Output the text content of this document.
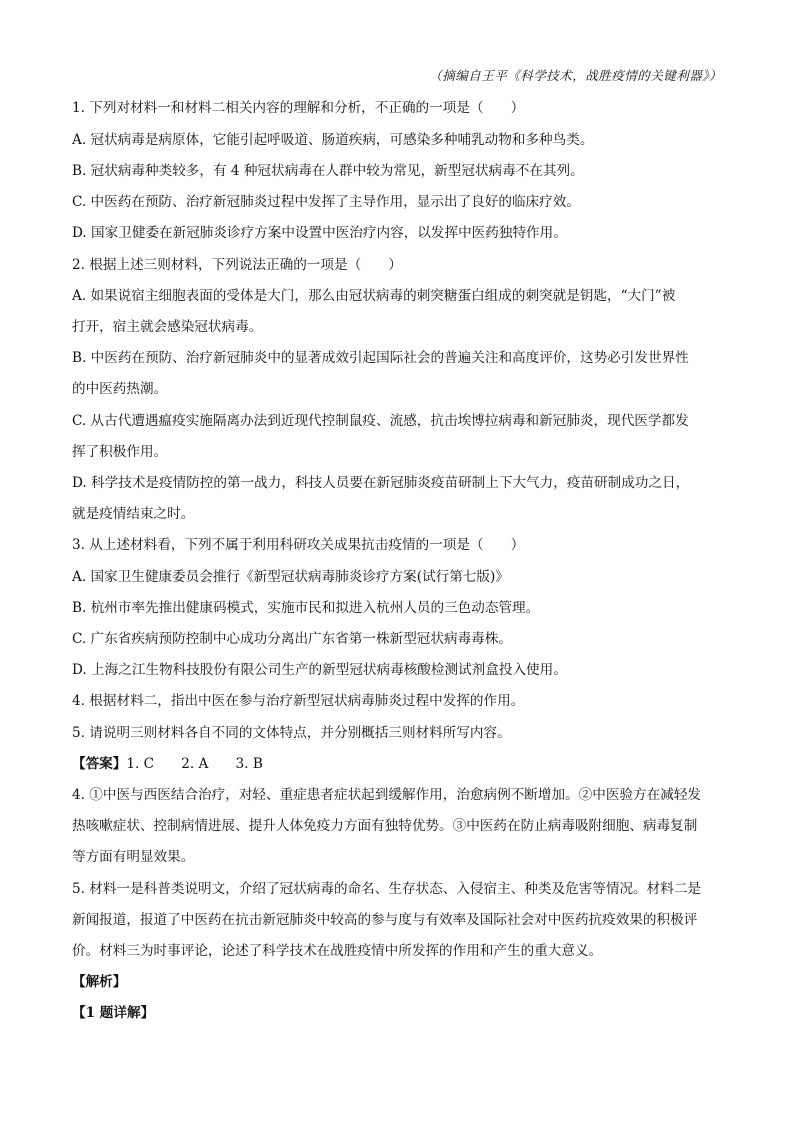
（摘编自王平《科学技术，战胜疫情的关键利器》）
1. 下列对材料一和材料二相关内容的理解和分析，不正确的一项是（　　）
A. 冠状病毒是病原体，它能引起呼吸道、肠道疾病，可感染多种哺乳动物和多种鸟类。
B. 冠状病毒种类较多，有 4 种冠状病毒在人群中较为常见，新型冠状病毒不在其列。
C. 中医药在预防、治疗新冠肺炎过程中发挥了主导作用，显示出了良好的临床疗效。
D. 国家卫健委在新冠肺炎诊疗方案中设置中医治疗内容，以发挥中医药独特作用。
2. 根据上述三则材料，下列说法正确的一项是（　　）
A. 如果说宿主细胞表面的受体是大门，那么由冠状病毒的刺突糖蛋白组成的刺突就是钥匙，“大门”被
打开，宿主就会感染冠状病毒。
B. 中医药在预防、治疗新冠肺炎中的显著成效引起国际社会的普遍关注和高度评价，这势必引发世界性
的中医药热潮。
C. 从古代遭遇瘟疫实施隔离办法到近现代控制鼠疫、流感，抗击埃博拉病毒和新冠肺炎，现代医学都发
挥了积极作用。
D. 科学技术是疫情防控的第一战力，科技人员要在新冠肺炎疫苗研制上下大气力，疫苗研制成功之日，
就是疫情结束之时。
3. 从上述材料看，下列不属于利用科研攻关成果抗击疫情的一项是（　　）
A. 国家卫生健康委员会推行《新型冠状病毒肺炎诊疗方案(试行第七版)》
B. 杭州市率先推出健康码模式，实施市民和拟进入杭州人员的三色动态管理。
C. 广东省疾病预防控制中心成功分离出广东省第一株新型冠状病毒毒株。
D. 上海之江生物科技股份有限公司生产的新型冠状病毒核酸检测试剂盒投入使用。
4. 根据材料二，指出中医在参与治疗新型冠状病毒肺炎过程中发挥的作用。
5. 请说明三则材料各自不同的文体特点，并分别概括三则材料所写内容。
【答案】1. C　　2. A　　3. B
4. ①中医与西医结合治疗，对轻、重症患者症状起到缓解作用，治愈病例不断增加。②中医验方在减轻发
热咳嗽症状、控制病情进展、提升人体免疫力方面有独特优势。③中医药在防止病毒吸附细胞、病毒复制
等方面有明显效果。
5. 材料一是科普类说明文，介绍了冠状病毒的命名、生存状态、入侵宿主、种类及危害等情况。材料二是
新闻报道，报道了中医药在抗击新冠肺炎中较高的参与度与有效率及国际社会对中医药抗疫效果的积极评
价。材料三为时事评论，论述了科学技术在战胜疫情中所发挥的作用和产生的重大意义。
【解析】
【1 题详解】
